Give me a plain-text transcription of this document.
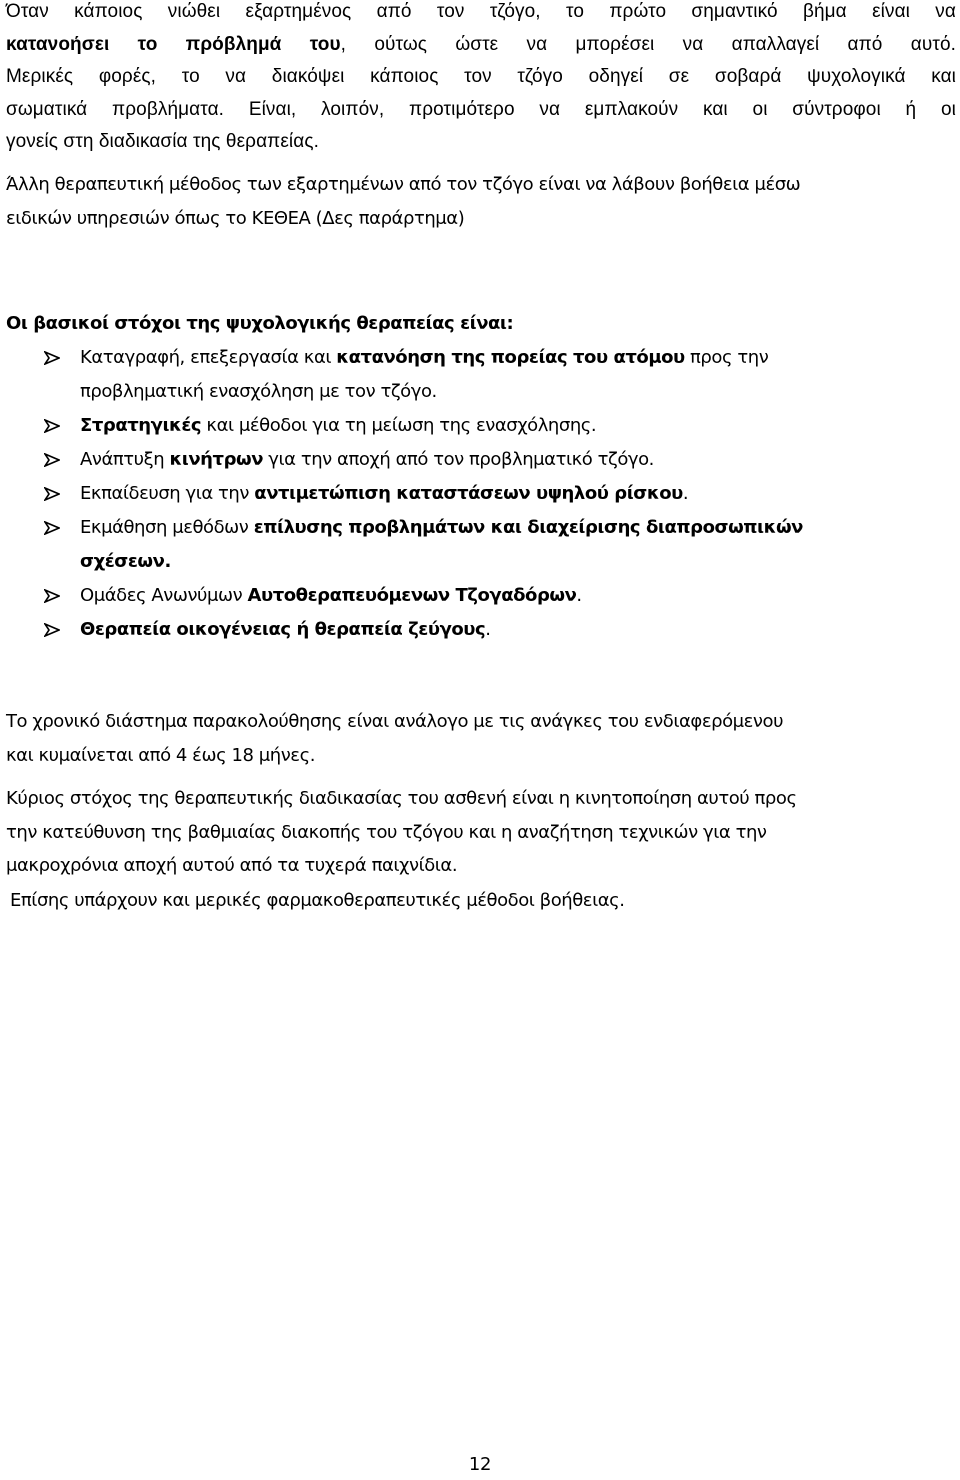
Όταν κάποιος νιώθει εξαρτημένος από τον τζόγο, το πρώτο σημαντικό βήμα είναι να
κατανοήσει το πρόβλημά του, ούτως ώστε να μπορέσει να απαλλαγεί από αυτό.
Μερικές φορές, το να διακόψει κάποιος τον τζόγο οδηγεί σε σοβαρά ψυχολογικά και
σωματικά προβλήματα. Είναι, λοιπόν, προτιμότερο να εμπλακούν και οι σύντροφοι ή οι
γονείς στη διαδικασία της θεραπείας.
Άλλη θεραπευτική μέθοδος των εξαρτημένων από τον τζόγο είναι να λάβουν βοήθεια μέσω
ειδικών υπηρεσιών όπως το ΚΕΘΕΑ (Δες παράρτημα)
Οι βασικοί στόχοι της ψυχολογικής θεραπείας είναι:
Καταγραφή, επεξεργασία και κατανόηση της πορείας του ατόμου προς την
προβληματική ενασχόληση με τον τζόγο.
Στρατηγικές και μέθοδοι για τη μείωση της ενασχόλησης.
Ανάπτυξη κινήτρων για την αποχή από τον προβληματικό τζόγο.
Εκπαίδευση για την αντιμετώπιση καταστάσεων υψηλού ρίσκου.
Εκμάθηση μεθόδων επίλυσης προβλημάτων και διαχείρισης διαπροσωπικών
σχέσεων.
Ομάδες Ανωνύμων Αυτοθεραπευόμενων Τζογαδόρων.
Θεραπεία οικογένειας ή θεραπεία ζεύγους.
Το χρονικό διάστημα παρακολούθησης είναι ανάλογο με τις ανάγκες του ενδιαφερόμενου
και κυμαίνεται από 4 έως 18 μήνες.
Κύριος στόχος της θεραπευτικής διαδικασίας του ασθενή είναι η κινητοποίηση αυτού προς
την κατεύθυνση της βαθμιαίας διακοπής του τζόγου και η αναζήτηση τεχνικών για την
μακροχρόνια αποχή αυτού από τα τυχερά παιχνίδια.
Επίσης υπάρχουν και μερικές φαρμακοθεραπευτικές μέθοδοι βοήθειας.
12
